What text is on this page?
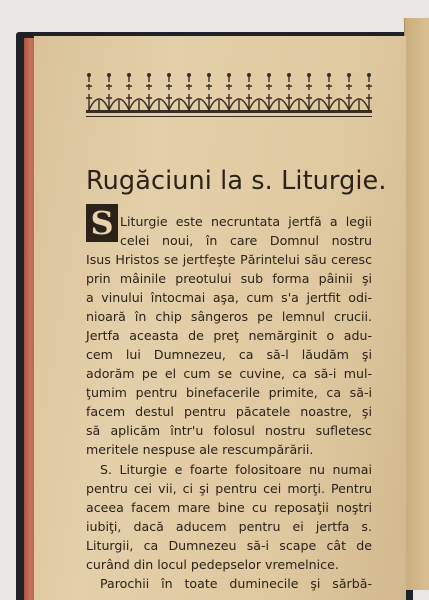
Rugăciuni la s. Liturgie.
S Liturgie este necruntata jertfă a legii
celei noui, în care Domnul nostru
Isus Hristos se jertfeşte Părintelui său ceresc
prin mâinile preotului sub forma pâinii şi
a vinului întocmai aşa, cum s'a jertfit odi-
nioară în chip sângeros pe lemnul crucii.
Jertfa aceasta de preţ nemărginit o adu-
cem lui Dumnezeu, ca să-l lăudăm şi
adorăm pe el cum se cuvine, ca să-i mul-
ţumim pentru binefacerile primite, ca să-i
facem destul pentru păcatele noastre, şi
să aplicăm într'u folosul nostru sufletesc
meritele nespuse ale rescumpărării.
S. Liturgie e foarte folositoare nu numai
pentru cei vii, ci şi pentru cei morţi. Pentru
aceea facem mare bine cu reposaţii noştri
iubiţi, dacă aducem pentru ei jertfa s.
Liturgii, ca Dumnezeu să-i scape cât de
curând din locul pedepselor vremelnice.
Parochii în toate duminecile şi sărbă-
